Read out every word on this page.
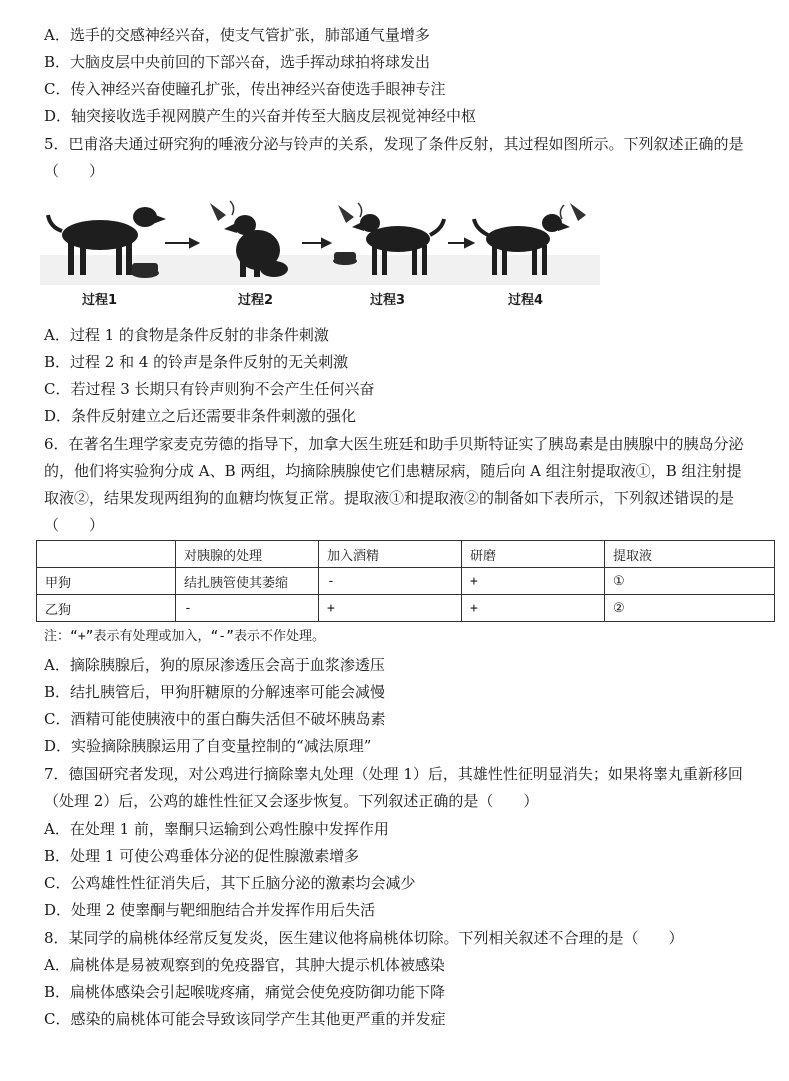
A．选手的交感神经兴奋，使支气管扩张，肺部通气量增多
B．大脑皮层中央前回的下部兴奋，选手挥动球拍将球发出
C．传入神经兴奋使瞳孔扩张，传出神经兴奋使选手眼神专注
D．轴突接收选手视网膜产生的兴奋并传至大脑皮层视觉神经中枢
5．巴甫洛夫通过研究狗的唾液分泌与铃声的关系，发现了条件反射，其过程如图所示。下列叙述正确的是
（　　）
过程1	过程2	过程3	过程4
A．过程 1 的食物是条件反射的非条件刺激
B．过程 2 和 4 的铃声是条件反射的无关刺激
C．若过程 3 长期只有铃声则狗不会产生任何兴奋
D．条件反射建立之后还需要非条件刺激的强化
6．在著名生理学家麦克劳德的指导下，加拿大医生班廷和助手贝斯特证实了胰岛素是由胰腺中的胰岛分泌
的，他们将实验狗分成 A、B 两组，均摘除胰腺使它们患糖尿病，随后向 A 组注射提取液①，B 组注射提
取液②，结果发现两组狗的血糖均恢复正常。提取液①和提取液②的制备如下表所示，下列叙述错误的是
（　　）
	对胰腺的处理	加入酒精	研磨	提取液
甲狗	结扎胰管使其萎缩	-	+	①
乙狗	-	+	+	②
注：“+”表示有处理或加入，“-”表示不作处理。
A．摘除胰腺后，狗的原尿渗透压会高于血浆渗透压
B．结扎胰管后，甲狗肝糖原的分解速率可能会减慢
C．酒精可能使胰液中的蛋白酶失活但不破坏胰岛素
D．实验摘除胰腺运用了自变量控制的“减法原理”
7．德国研究者发现，对公鸡进行摘除睾丸处理（处理 1）后，其雄性性征明显消失；如果将睾丸重新移回
（处理 2）后，公鸡的雄性性征又会逐步恢复。下列叙述正确的是（　　）
A．在处理 1 前，睾酮只运输到公鸡性腺中发挥作用
B．处理 1 可使公鸡垂体分泌的促性腺激素增多
C．公鸡雄性性征消失后，其下丘脑分泌的激素均会减少
D．处理 2 使睾酮与靶细胞结合并发挥作用后失活
8．某同学的扁桃体经常反复发炎，医生建议他将扁桃体切除。下列相关叙述不合理的是（　　）
A．扁桃体是易被观察到的免疫器官，其肿大提示机体被感染
B．扁桃体感染会引起喉咙疼痛，痛觉会使免疫防御功能下降
C．感染的扁桃体可能会导致该同学产生其他更严重的并发症
